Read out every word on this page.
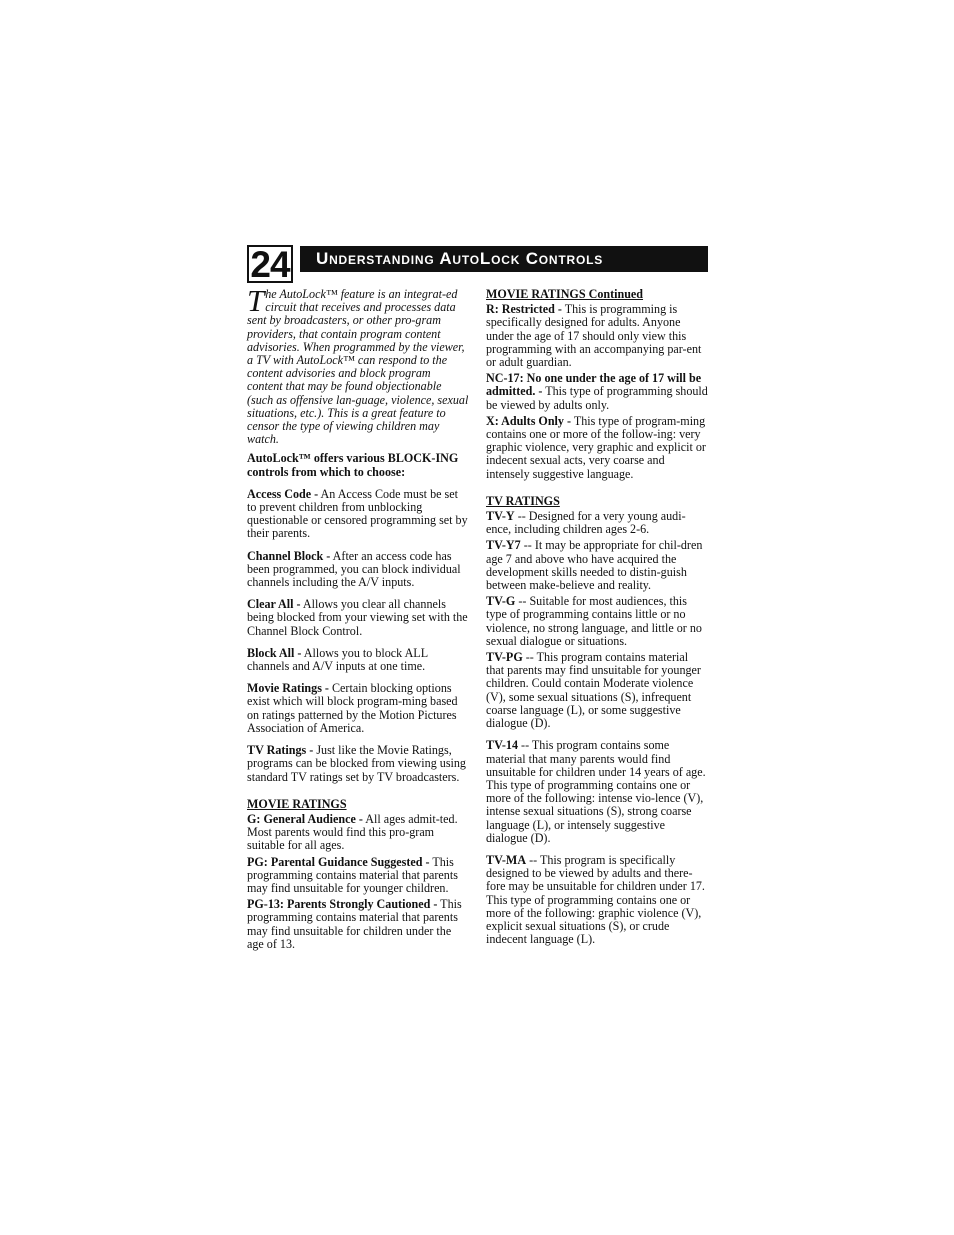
24	Understanding AutoLock Controls

The AutoLock™ feature is an integrat-ed circuit that receives and processes data sent by broadcasters, or other pro-gram providers, that contain program content advisories. When programmed by the viewer, a TV with AutoLock™ can respond to the content advisories and block program content that may be found objectionable (such as offensive lan-guage, violence, sexual situations, etc.). This is a great feature to censor the type of viewing children may watch.

AutoLock™ offers various BLOCK-ING controls from which to choose:

Access Code - An Access Code must be set to prevent children from unblocking questionable or censored programming set by their parents.

Channel Block - After an access code has been programmed, you can block individual channels including the A/V inputs.

Clear All - Allows you clear all channels being blocked from your viewing set with the Channel Block Control.

Block All - Allows you to block ALL channels and A/V inputs at one time.

Movie Ratings - Certain blocking options exist which will block program-ming based on ratings patterned by the Motion Pictures Association of America.

TV Ratings - Just like the Movie Ratings, programs can be blocked from viewing using standard TV ratings set by TV broadcasters.

MOVIE RATINGS

G: General Audience - All ages admit-ted. Most parents would find this pro-gram suitable for all ages.

PG: Parental Guidance Suggested - This programming contains material that parents may find unsuitable for younger children.

PG-13: Parents Strongly Cautioned - This programming contains material that parents may find unsuitable for children under the age of 13.

MOVIE RATINGS Continued

R: Restricted - This is programming is specifically designed for adults. Anyone under the age of 17 should only view this programming with an accompanying par-ent or adult guardian.

NC-17: No one under the age of 17 will be admitted. - This type of programming should be viewed by adults only.

X: Adults Only - This type of program-ming contains one or more of the follow-ing: very graphic violence, very graphic and explicit or indecent sexual acts, very coarse and intensely suggestive language.

TV RATINGS

TV-Y -- Designed for a very young audi-ence, including children ages 2-6.

TV-Y7 -- It may be appropriate for chil-dren age 7 and above who have acquired the development skills needed to distin-guish between make-believe and reality.

TV-G -- Suitable for most audiences, this type of programming contains little or no violence, no strong language, and little or no sexual dialogue or situations.

TV-PG -- This program contains material that parents may find unsuitable for younger children. Could contain Moderate violence (V), some sexual situations (S), infrequent coarse language (L), or some suggestive dialogue (D).

TV-14 -- This program contains some material that many parents would find unsuitable for children under 14 years of age. This type of programming contains one or more of the following: intense vio-lence (V), intense sexual situations (S), strong coarse language (L), or intensely suggestive dialogue (D).

TV-MA -- This program is specifically designed to be viewed by adults and there-fore may be unsuitable for children under 17. This type of programming contains one or more of the following: graphic violence (V), explicit sexual situations (S), or crude indecent language (L).
